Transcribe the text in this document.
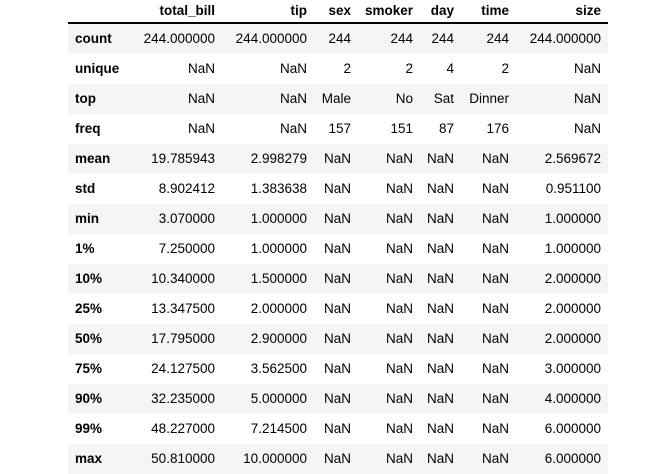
	total_bill	tip	sex	smoker	day	time	size
count	244.000000	244.000000	244	244	244	244	244.000000
unique	NaN	NaN	2	2	4	2	NaN
top	NaN	NaN	Male	No	Sat	Dinner	NaN
freq	NaN	NaN	157	151	87	176	NaN
mean	19.785943	2.998279	NaN	NaN	NaN	NaN	2.569672
std	8.902412	1.383638	NaN	NaN	NaN	NaN	0.951100
min	3.070000	1.000000	NaN	NaN	NaN	NaN	1.000000
1%	7.250000	1.000000	NaN	NaN	NaN	NaN	1.000000
10%	10.340000	1.500000	NaN	NaN	NaN	NaN	2.000000
25%	13.347500	2.000000	NaN	NaN	NaN	NaN	2.000000
50%	17.795000	2.900000	NaN	NaN	NaN	NaN	2.000000
75%	24.127500	3.562500	NaN	NaN	NaN	NaN	3.000000
90%	32.235000	5.000000	NaN	NaN	NaN	NaN	4.000000
99%	48.227000	7.214500	NaN	NaN	NaN	NaN	6.000000
max	50.810000	10.000000	NaN	NaN	NaN	NaN	6.000000
